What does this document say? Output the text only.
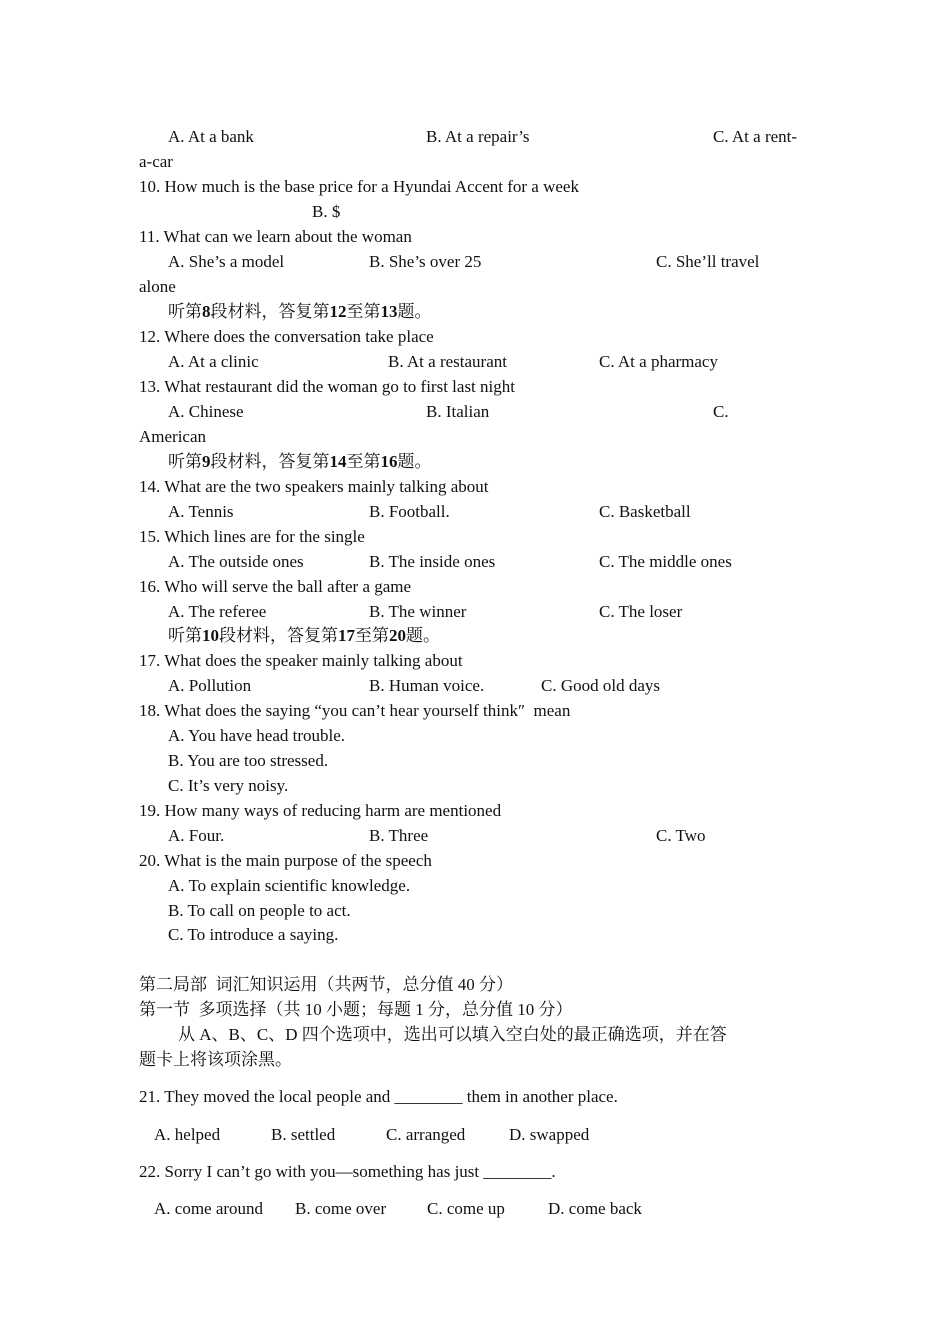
A. At a bank	B. At a repair’s	C. At a rent-
a-car
10. How much is the base price for a Hyundai Accent for a week
B. $
11. What can we learn about the woman
A. She’s a model	B. She’s over 25	C. She’ll travel
alone
听第8段材料，答复第12至第13题。
12. Where does the conversation take place
A. At a clinic	B. At a restaurant	C. At a pharmacy
13. What restaurant did the woman go to first last night
A. Chinese	B. Italian	C.
American
听第9段材料，答复第14至第16题。
14. What are the two speakers mainly talking about
A. Tennis	B. Football.	C. Basketball
15. Which lines are for the single
A. The outside ones	B. The inside ones	C. The middle ones
16. Who will serve the ball after a game
A. The referee	B. The winner	C. The loser
听第10段材料，答复第17至第20题。
17. What does the speaker mainly talking about
A. Pollution	B. Human voice.	C. Good old days
18. What does the saying “you can’t hear yourself think″  mean
A. You have head trouble.
B. You are too stressed.
C. It’s very noisy.
19. How many ways of reducing harm are mentioned
A. Four.	B. Three	C. Two
20. What is the main purpose of the speech
A. To explain scientific knowledge.
B. To call on people to act.
C. To introduce a saying.
第二局部  词汇知识运用（共两节，总分值 40 分）
第一节  多项选择（共 10 小题；每题 1 分，总分值 10 分）
从 A、B、C、D 四个选项中，选出可以填入空白处的最正确选项，并在答
题卡上将该项涂黑。
21. They moved the local people and ________ them in another place.
A. helped	B. settled	C. arranged	D. swapped
22. Sorry I can’t go with you—something has just ________.
A. come around B. come over C. come up	D. come back
